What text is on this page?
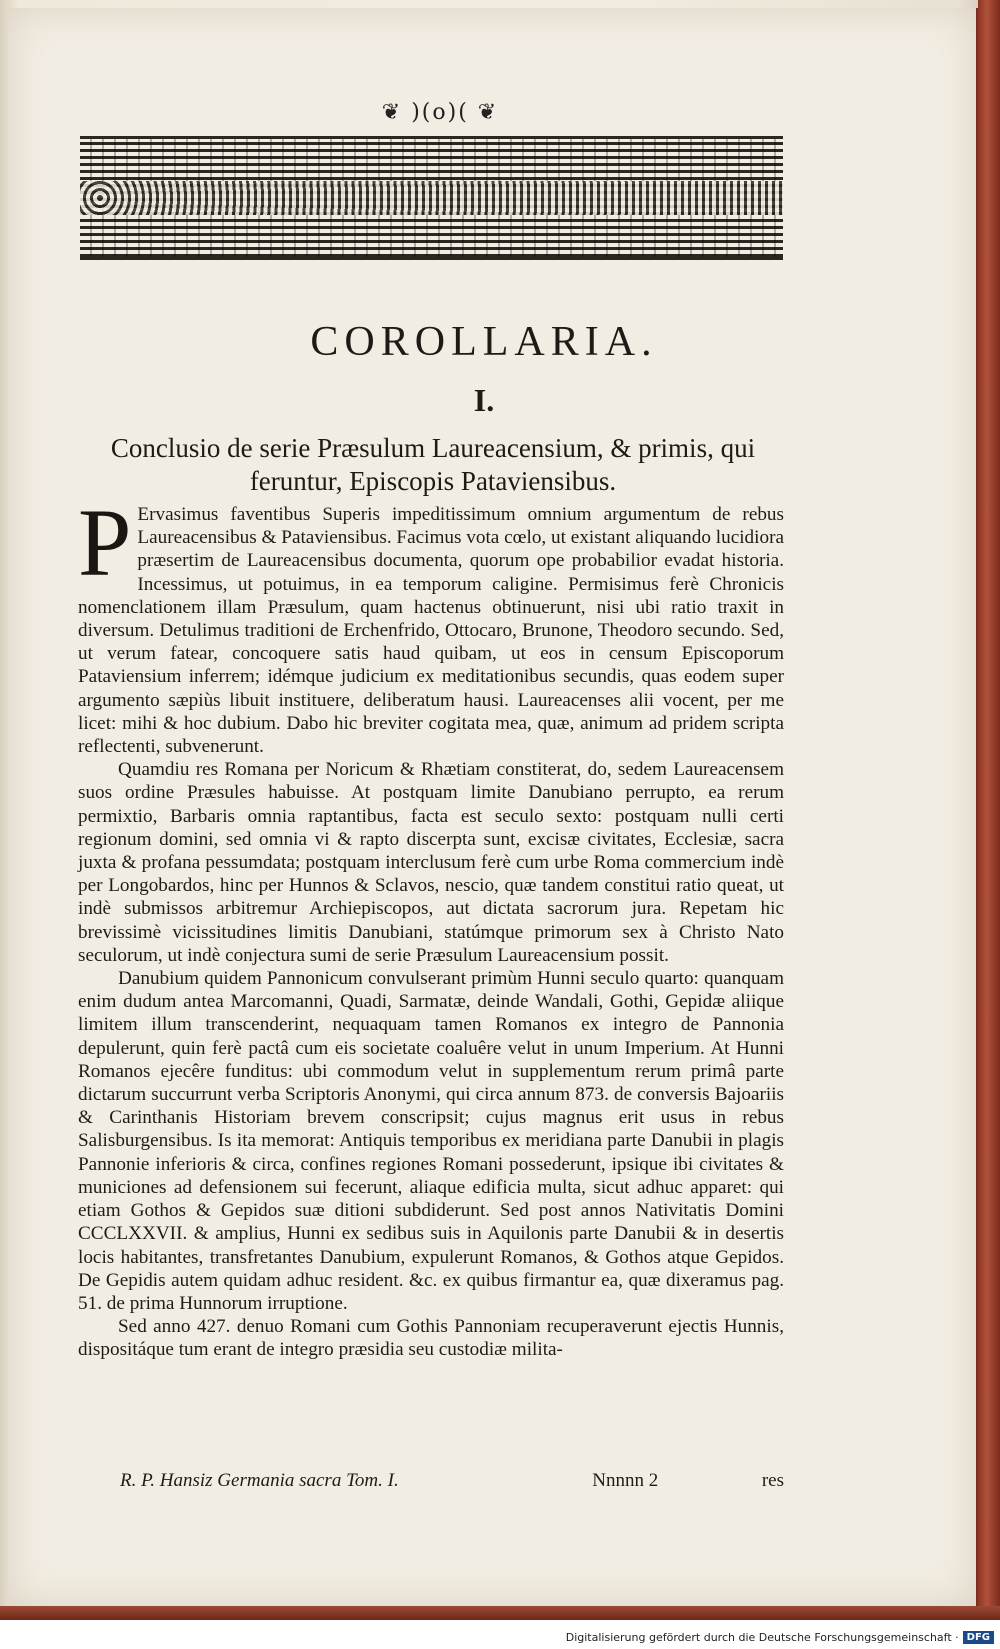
❦ )(o)( ❦
COROLLARIA.
I.
Conclusio de serie Præsulum Laureacensium, & primis, qui feruntur, Episcopis Pataviensibus.

P Ervasimus faventibus Superis impeditissimum omnium argumentum de rebus Laureacensibus & Pataviensibus. Facimus vota cœlo, ut existant aliquando lucidiora præsertim de Laureacensibus documenta, quorum ope probabilior evadat historia. Incessimus, ut potuimus, in ea temporum caligine. Permisimus ferè Chronicis nomenclationem illam Præsulum, quam hactenus obtinuerunt, nisi ubi ratio traxit in diversum. Detulimus traditioni de Erchenfrido, Ottocaro, Brunone, Theodoro secundo. Sed, ut verum fatear, concoquere satis haud quibam, ut eos in censum Episcoporum Pataviensium inferrem; idémque judicium ex meditationibus secundis, quas eodem super argumento sæpiùs libuit instituere, deliberatum hausi. Laureacenses alii vocent, per me licet: mihi & hoc dubium. Dabo hic breviter cogitata mea, quæ, animum ad pridem scripta reflectenti, subvenerunt.

Quamdiu res Romana per Noricum & Rhætiam constiterat, do, sedem Laureacensem suos ordine Præsules habuisse. At postquam limite Danubiano perrupto, ea rerum permixtio, Barbaris omnia raptantibus, facta est seculo sexto: postquam nulli certi regionum domini, sed omnia vi & rapto discerpta sunt, excisæ civitates, Ecclesiæ, sacra juxta & profana pessumdata; postquam interclusum ferè cum urbe Roma commercium indè per Longobardos, hinc per Hunnos & Sclavos, nescio, quæ tandem constitui ratio queat, ut indè submissos arbitremur Archiepiscopos, aut dictata sacrorum jura. Repetam hic brevissimè vicissitudines limitis Danubiani, statúmque primorum sex à Christo Nato seculorum, ut indè conjectura sumi de serie Præsulum Laureacensium possit.

Danubium quidem Pannonicum convulserant primùm Hunni seculo quarto: quanquam enim dudum antea Marcomanni, Quadi, Sarmatæ, deinde Wandali, Gothi, Gepidæ aliique limitem illum transcenderint, nequaquam tamen Romanos ex integro de Pannonia depulerunt, quin ferè pactâ cum eis societate coaluêre velut in unum Imperium. At Hunni Romanos ejecêre funditus: ubi commodum velut in supplementum rerum primâ parte dictarum succurrunt verba Scriptoris Anonymi, qui circa annum 873. de conversis Bajoariis & Carinthanis Historiam brevem conscripsit; cujus magnus erit usus in rebus Salisburgensibus. Is ita memorat: Antiquis temporibus ex meridiana parte Danubii in plagis Pannonie inferioris & circa, confines regiones Romani possederunt, ipsique ibi civitates & municiones ad defensionem sui fecerunt, aliaque edificia multa, sicut adhuc apparet: qui etiam Gothos & Gepidos suæ ditioni subdiderunt. Sed post annos Nativitatis Domini CCCLXXVII. & amplius, Hunni ex sedibus suis in Aquilonis parte Danubii & in desertis locis habitantes, transfretantes Danubium, expulerunt Romanos, & Gothos atque Gepidos. De Gepidis autem quidam adhuc resident. &c. ex quibus firmantur ea, quæ dixeramus pag. 51. de prima Hunnorum irruptione.

Sed anno 427. denuo Romani cum Gothis Pannoniam recuperaverunt ejectis Hunnis, dispositáque tum erant de integro præsidia seu custodiæ milita-

R. P. Hansiz Germania sacra Tom. I.	Nnnnn 2	res
Digitalisierung gefördert durch die Deutsche Forschungsgemeinschaft · DFG
